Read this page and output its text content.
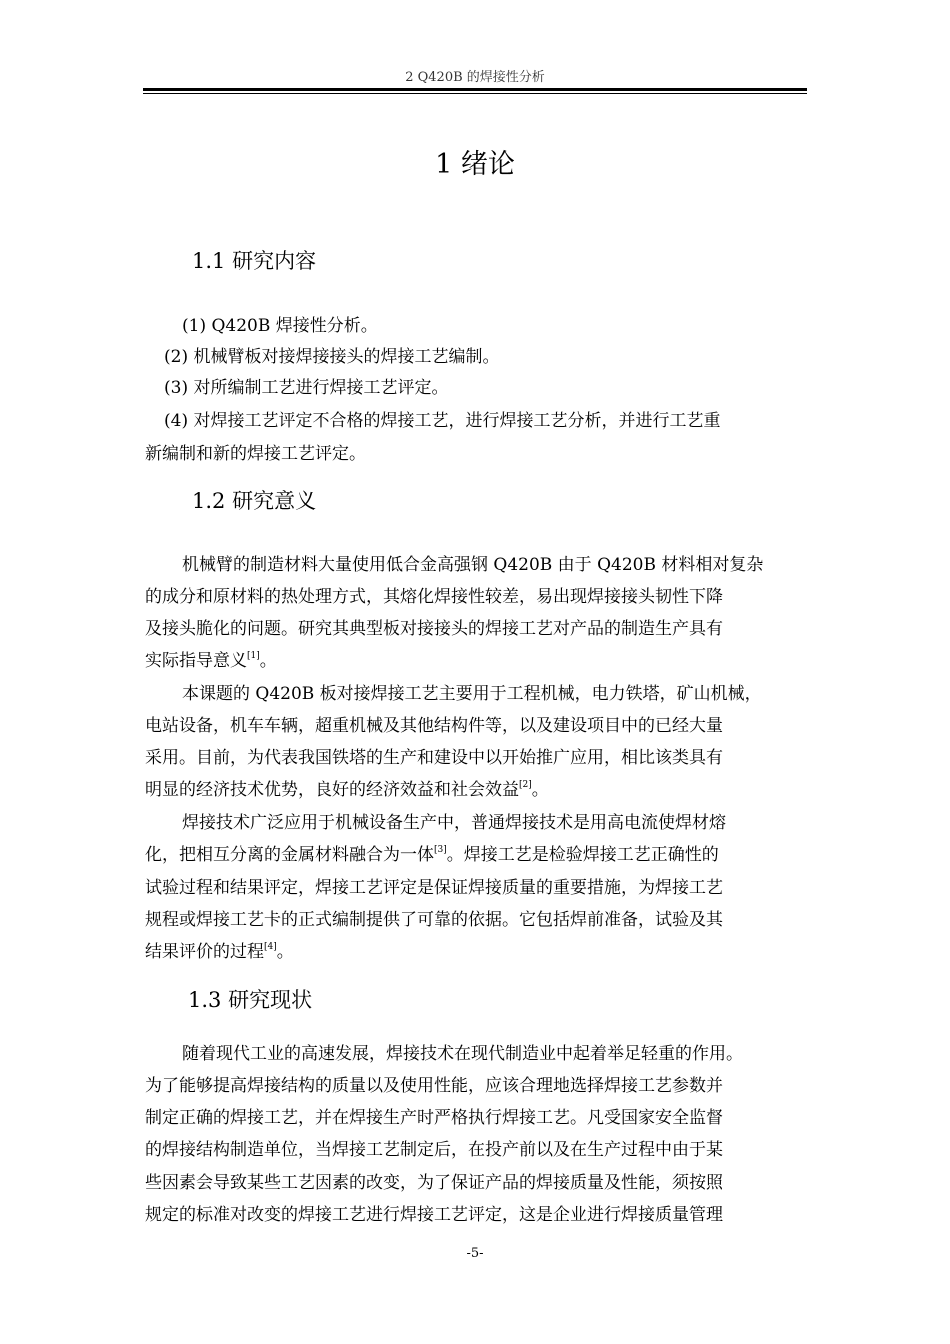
2 Q420B 的焊接性分析
1 绪论
1.1 研究内容
(1) Q420B 焊接性分析。
(2) 机械臂板对接焊接接头的焊接工艺编制。
(3) 对所编制工艺进行焊接工艺评定。
(4) 对焊接工艺评定不合格的焊接工艺，进行焊接工艺分析，并进行工艺重
新编制和新的焊接工艺评定。
1.2 研究意义
机械臂的制造材料大量使用低合金高强钢 Q420B 由于 Q420B 材料相对复杂
的成分和原材料的热处理方式，其熔化焊接性较差，易出现焊接接头韧性下降
及接头脆化的问题。研究其典型板对接接头的焊接工艺对产品的制造生产具有
实际指导意义[1]。
本课题的 Q420B 板对接焊接工艺主要用于工程机械，电力铁塔，矿山机械，
电站设备，机车车辆，超重机械及其他结构件等，以及建设项目中的已经大量
采用。目前，为代表我国铁塔的生产和建设中以开始推广应用，相比该类具有
明显的经济技术优势，良好的经济效益和社会效益[2]。
焊接技术广泛应用于机械设备生产中，普通焊接技术是用高电流使焊材熔
化，把相互分离的金属材料融合为一体[3]。焊接工艺是检验焊接工艺正确性的
试验过程和结果评定，焊接工艺评定是保证焊接质量的重要措施，为焊接工艺
规程或焊接工艺卡的正式编制提供了可靠的依据。它包括焊前准备，试验及其
结果评价的过程[4]。
1.3 研究现状
随着现代工业的高速发展，焊接技术在现代制造业中起着举足轻重的作用。
为了能够提高焊接结构的质量以及使用性能，应该合理地选择焊接工艺参数并
制定正确的焊接工艺，并在焊接生产时严格执行焊接工艺。凡受国家安全监督
的焊接结构制造单位，当焊接工艺制定后，在投产前以及在生产过程中由于某
些因素会导致某些工艺因素的改变，为了保证产品的焊接质量及性能，须按照
规定的标准对改变的焊接工艺进行焊接工艺评定，这是企业进行焊接质量管理
-5-
